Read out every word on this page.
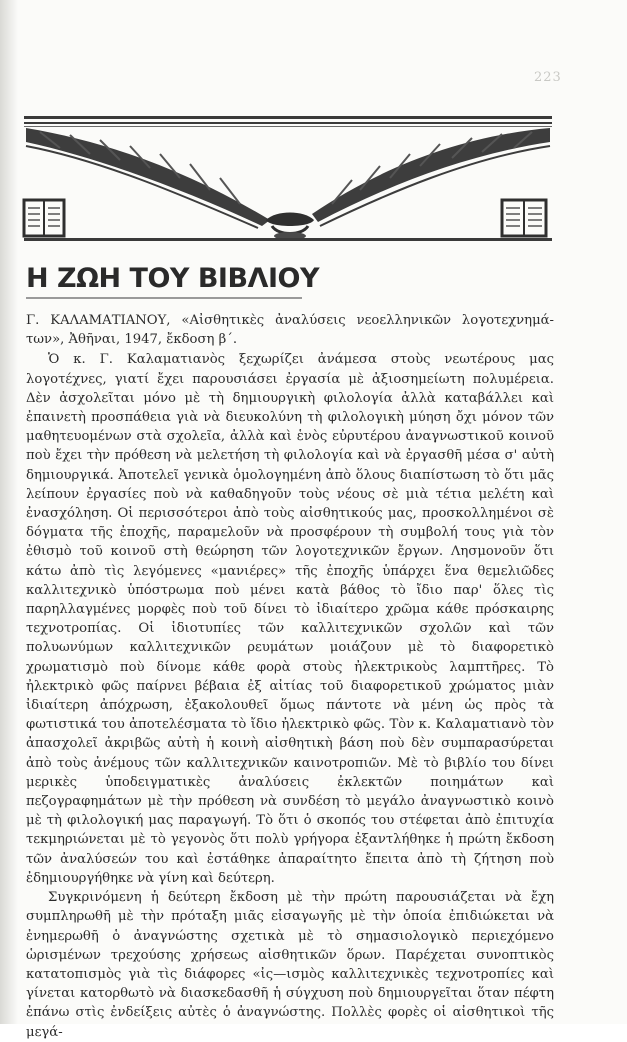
223
Η ΖΩΗ ΤΟΥ ΒΙΒΛΙΟΥ

Γ. ΚΑΛΑΜΑΤΙΑΝΟΥ, «Αἰσθητικὲς ἀναλύσεις νεοελληνικῶν λογοτεχνημά-των», Ἀθῆναι, 1947, ἔκδοση β΄.

Ὁ κ. Γ. Καλαματιανὸς ξεχωρίζει ἀνάμεσα στοὺς νεωτέρους μας λογοτέχνες, γιατί ἔχει παρουσιάσει ἐργασία μὲ ἀξιοσημείωτη πολυμέρεια. Δὲν ἀσχολεῖται μόνο μὲ τὴ δημιουργικὴ φιλολογία ἀλλὰ καταβάλλει καὶ ἐπαινετὴ προσπάθεια γιὰ νὰ διευκολύνη τὴ φιλολογικὴ μύηση ὄχι μόνον τῶν μαθητευομένων στὰ σχολεῖα, ἀλλὰ καὶ ἑνὸς εὐρυτέρου ἀναγνωστικοῦ κοινοῦ ποὺ ἔχει τὴν πρόθεση νὰ μελετήση τὴ φιλολογία καὶ νὰ ἐργασθῆ μέσα σ' αὐτὴ δημιουργικά. Ἀποτελεῖ γενικὰ ὁμολογημένη ἀπὸ ὅλους διαπίστωση τὸ ὅτι μᾶς λείπουν ἐργασίες ποὺ νὰ καθαδηγοῦν τοὺς νέους σὲ μιὰ τέτια μελέτη καὶ ἐνασχόληση. Οἱ περισσότεροι ἀπὸ τοὺς αἰσθητικούς μας, προσκολλημένοι σὲ δόγματα τῆς ἐποχῆς, παραμελοῦν νὰ προσφέρουν τὴ συμβολή τους γιὰ τὸν ἐθισμὸ τοῦ κοινοῦ στὴ θεώρηση τῶν λογοτεχνικῶν ἔργων. Λησμονοῦν ὅτι κάτω ἀπὸ τὶς λεγόμενες «μανιέρες» τῆς ἐποχῆς ὑπάρχει ἕνα θεμελιῶδες καλλιτεχνικὸ ὑπόστρωμα ποὺ μένει κατὰ βάθος τὸ ἴδιο παρ' ὅλες τὶς παρηλλαγμένες μορφὲς ποὺ τοῦ δίνει τὸ ἰδιαίτερο χρῶμα κάθε πρόσκαιρης τεχνοτροπίας. Οἱ ἰδιοτυπίες τῶν καλλιτεχνικῶν σχολῶν καὶ τῶν πολυωνύμων καλλιτεχνικῶν ρευμάτων μοιάζουν μὲ τὸ διαφορετικὸ χρωματισμὸ ποὺ δίνομε κάθε φορὰ στοὺς ἠλεκτρικοὺς λαμπτῆρες. Τὸ ἠλεκτρικὸ φῶς παίρνει βέβαια ἐξ αἰτίας τοῦ διαφορετικοῦ χρώματος μιὰν ἰδιαίτερη ἀπόχρωση, ἐξακολουθεῖ ὅμως πάντοτε νὰ μένη ὡς πρὸς τὰ φωτιστικά του ἀποτελέσματα τὸ ἴδιο ἠλεκτρικὸ φῶς. Τὸν κ. Καλαματιανὸ τὸν ἀπασχολεῖ ἀκριβῶς αὐτὴ ἡ κοινὴ αἰσθητικὴ βάση ποὺ δὲν συμπαρασύρεται ἀπὸ τοὺς ἀνέμους τῶν καλλιτεχνικῶν καινοτροπιῶν. Μὲ τὸ βιβλίο του δίνει μερικὲς ὑποδειγματικὲς ἀναλύσεις ἐκλεκτῶν ποιημάτων καὶ πεζογραφημάτων μὲ τὴν πρόθεση νὰ συνδέση τὸ μεγάλο ἀναγνωστικὸ κοινὸ μὲ τὴ φιλολογική μας παραγωγή. Τὸ ὅτι ὁ σκοπός του στέφεται ἀπὸ ἐπιτυχία τεκμηριώνεται μὲ τὸ γεγονὸς ὅτι πολὺ γρήγορα ἐξαντλήθηκε ἡ πρώτη ἔκδοση τῶν ἀναλύσεών του καὶ ἐστάθηκε ἀπαραίτητο ἔπειτα ἀπὸ τὴ ζήτηση ποὺ ἐδημιουργήθηκε νὰ γίνη καὶ δεύτερη.

Συγκρινόμενη ἡ δεύτερη ἔκδοση μὲ τὴν πρώτη παρουσιάζεται νὰ ἔχη συμπληρωθῆ μὲ τὴν πρόταξη μιᾶς εἰσαγωγῆς μὲ τὴν ὁποία ἐπιδιώκεται νὰ ἐνημερωθῆ ὁ ἀναγνώστης σχετικὰ μὲ τὸ σημασιολογικὸ περιεχόμενο ὡρισμένων τρεχούσης χρήσεως αἰσθητικῶν ὅρων. Παρέχεται συνοπτικὸς κατατοπισμὸς γιὰ τὶς διάφορες «ἰς—ισμὸς καλλιτεχνικὲς τεχνοτροπίες καὶ γίνεται κατορθωτὸ νὰ διασκεδασθῆ ἡ σύγχυση ποὺ δημιουργεῖται ὅταν πέφτη ἐπάνω στὶς ἐνδείξεις αὐτὲς ὁ ἀναγνώστης. Πολλὲς φορὲς οἱ αἰσθητικοὶ τῆς μεγά-
